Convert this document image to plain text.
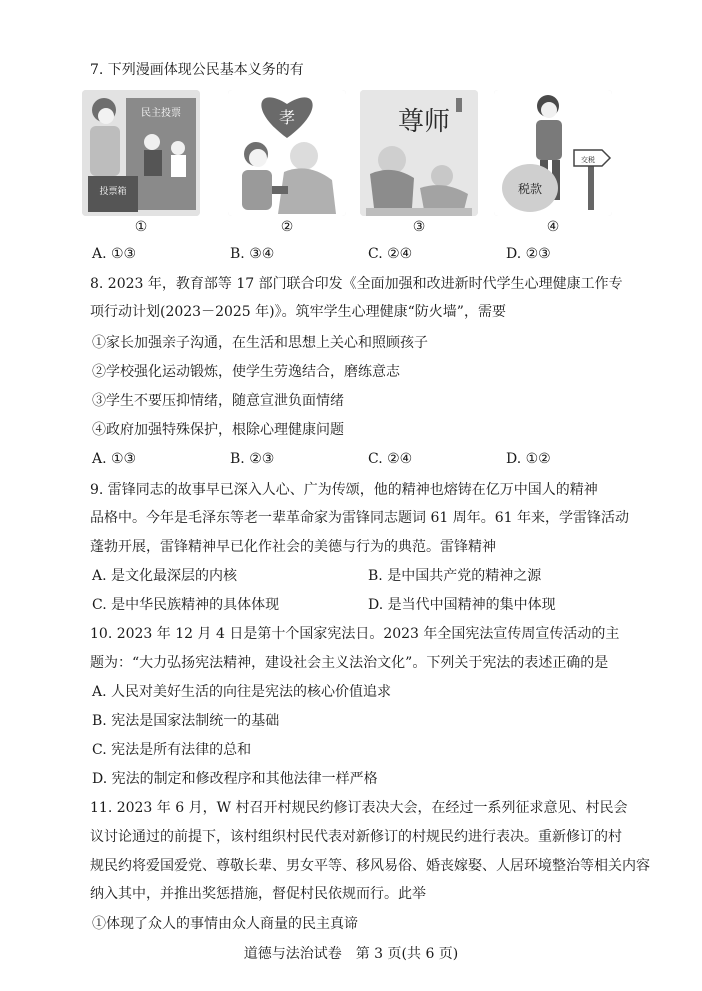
7. 下列漫画体现公民基本义务的有
民主投票
投票箱
①
孝
②
尊师
③
税款
交税
④
A. ①③	B. ③④	C. ②④	D. ②③
8. 2023 年，教育部等 17 部门联合印发《全面加强和改进新时代学生心理健康工作专
项行动计划(2023－2025 年)》。筑牢学生心理健康“防火墙”，需要
①家长加强亲子沟通，在生活和思想上关心和照顾孩子
②学校强化运动锻炼，使学生劳逸结合，磨练意志
③学生不要压抑情绪，随意宣泄负面情绪
④政府加强特殊保护，根除心理健康问题
A. ①③	B. ②③	C. ②④	D. ①②
9. 雷锋同志的故事早已深入人心、广为传颂，他的精神也熔铸在亿万中国人的精神
品格中。今年是毛泽东等老一辈革命家为雷锋同志题词 61 周年。61 年来，学雷锋活动
蓬勃开展，雷锋精神早已化作社会的美德与行为的典范。雷锋精神
A. 是文化最深层的内核	B. 是中国共产党的精神之源
C. 是中华民族精神的具体体现	D. 是当代中国精神的集中体现
10. 2023 年 12 月 4 日是第十个国家宪法日。2023 年全国宪法宣传周宣传活动的主
题为：“大力弘扬宪法精神，建设社会主义法治文化”。下列关于宪法的表述正确的是
A. 人民对美好生活的向往是宪法的核心价值追求
B. 宪法是国家法制统一的基础
C. 宪法是所有法律的总和
D. 宪法的制定和修改程序和其他法律一样严格
11. 2023 年 6 月，W 村召开村规民约修订表决大会，在经过一系列征求意见、村民会
议讨论通过的前提下，该村组织村民代表对新修订的村规民约进行表决。重新修订的村
规民约将爱国爱党、尊敬长辈、男女平等、移风易俗、婚丧嫁娶、人居环境整治等相关内容
纳入其中，并推出奖惩措施，督促村民依规而行。此举
①体现了众人的事情由众人商量的民主真谛
道德与法治试卷　第 3 页(共 6 页)
